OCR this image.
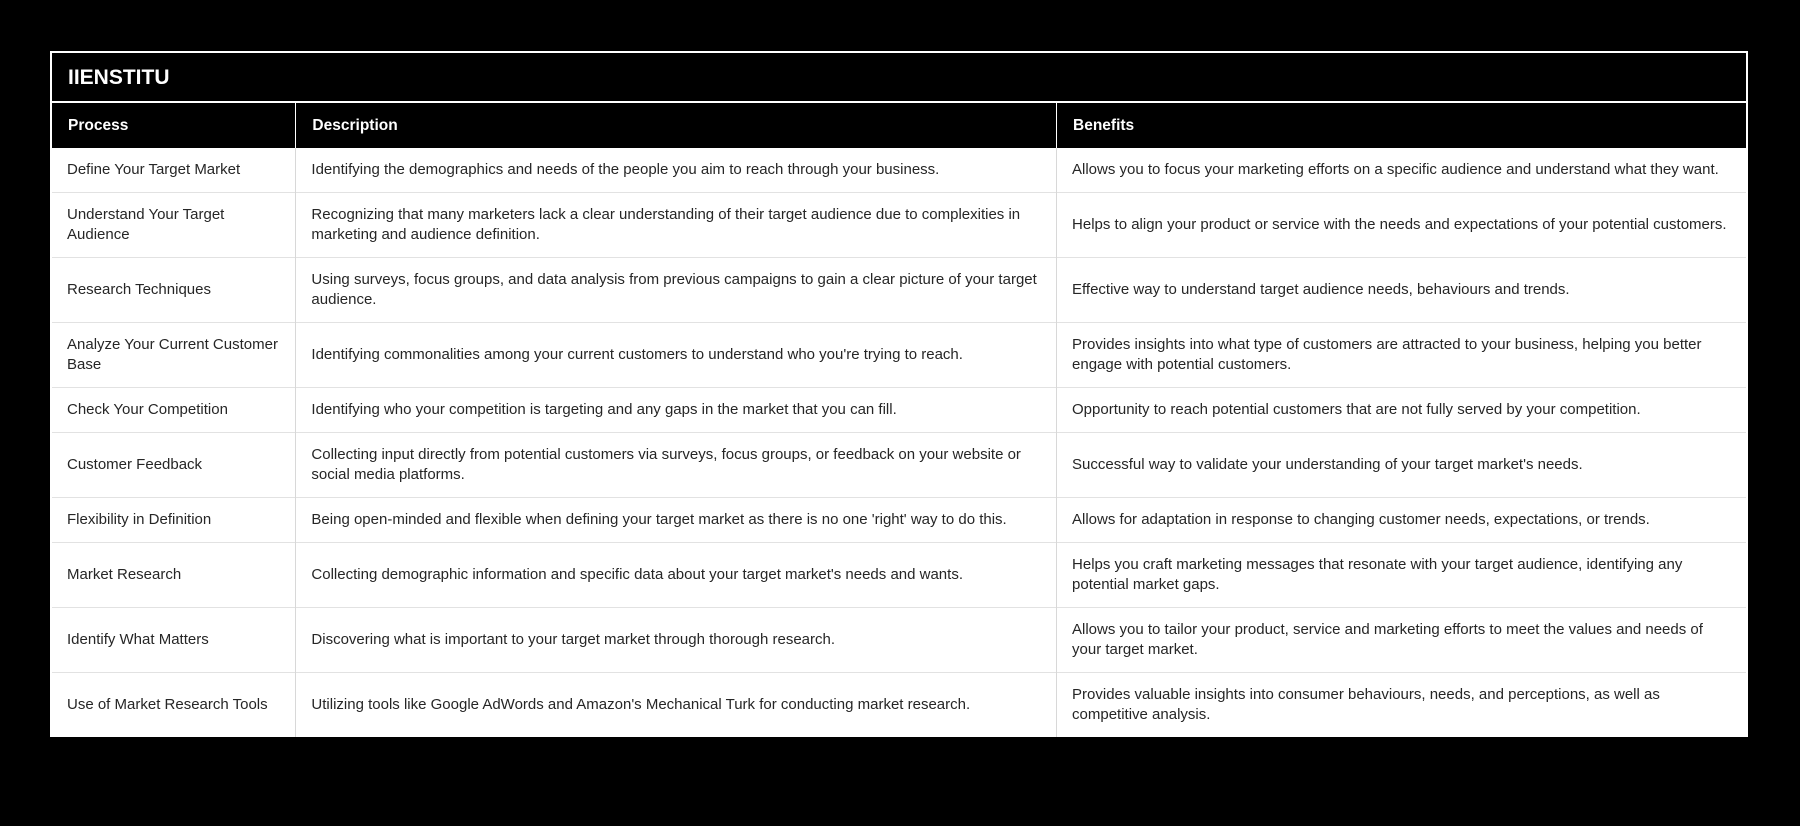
IIENSTITU
Process	Description	Benefits
Define Your Target Market	Identifying the demographics and needs of the people you aim to reach through your business.	Allows you to focus your marketing efforts on a specific audience and understand what they want.
Understand Your Target Audience	Recognizing that many marketers lack a clear understanding of their target audience due to complexities in marketing and audience definition.	Helps to align your product or service with the needs and expectations of your potential customers.
Research Techniques	Using surveys, focus groups, and data analysis from previous campaigns to gain a clear picture of your target audience.	Effective way to understand target audience needs, behaviours and trends.
Analyze Your Current Customer Base	Identifying commonalities among your current customers to understand who you're trying to reach.	Provides insights into what type of customers are attracted to your business, helping you better engage with potential customers.
Check Your Competition	Identifying who your competition is targeting and any gaps in the market that you can fill.	Opportunity to reach potential customers that are not fully served by your competition.
Customer Feedback	Collecting input directly from potential customers via surveys, focus groups, or feedback on your website or social media platforms.	Successful way to validate your understanding of your target market's needs.
Flexibility in Definition	Being open-minded and flexible when defining your target market as there is no one 'right' way to do this.	Allows for adaptation in response to changing customer needs, expectations, or trends.
Market Research	Collecting demographic information and specific data about your target market's needs and wants.	Helps you craft marketing messages that resonate with your target audience, identifying any potential market gaps.
Identify What Matters	Discovering what is important to your target market through thorough research.	Allows you to tailor your product, service and marketing efforts to meet the values and needs of your target market.
Use of Market Research Tools	Utilizing tools like Google AdWords and Amazon's Mechanical Turk for conducting market research.	Provides valuable insights into consumer behaviours, needs, and perceptions, as well as competitive analysis.
